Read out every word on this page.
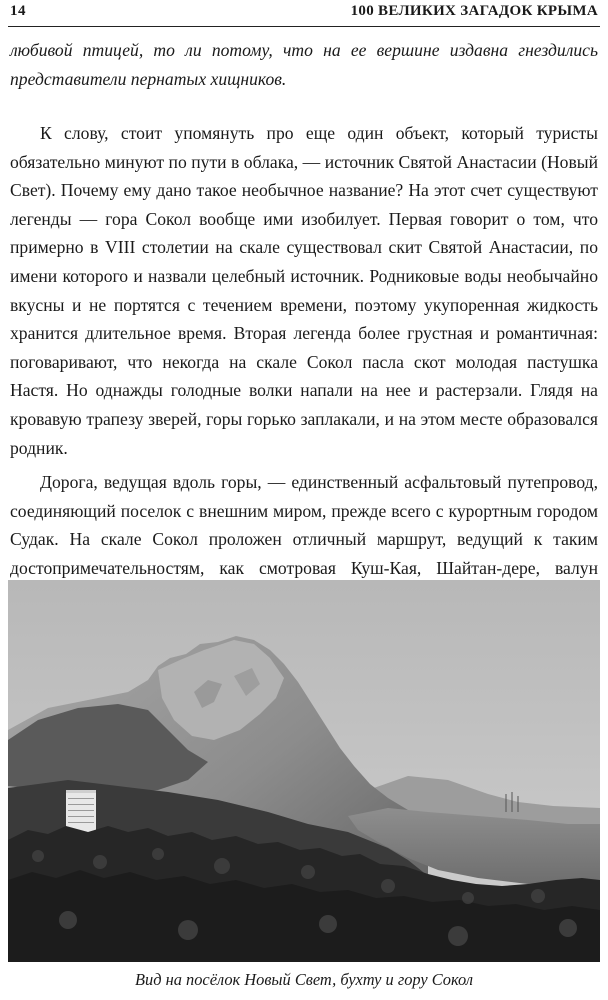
14	100 ВЕЛИКИХ ЗАГАДОК КРЫМА
любивой птицей, то ли потому, что на ее вершине издавна гнездились представители пернатых хищников.

К слову, стоит упомянуть про еще один объект, который туристы обязательно минуют по пути в облака, — источник Святой Анастасии (Новый Свет). Почему ему дано такое необычное название? На этот счет существуют легенды — гора Сокол вообще ими изобилует. Первая говорит о том, что примерно в VIII столетии на скале существовал скит Святой Анастасии, по имени которого и назвали целебный источник. Родниковые воды необычайно вкусны и не портятся с течением времени, поэтому укупоренная жидкость хранится длительное время. Вторая легенда более грустная и романтичная: поговаривают, что некогда на скале Сокол пасла скот молодая пастушка Настя. Но однажды голодные волки напали на нее и растерзали. Глядя на кровавую трапезу зверей, горы горько заплакали, и на этом месте образовался родник.

Дорога, ведущая вдоль горы, — единственный асфальтовый путепровод, соединяющий поселок с внешним миром, прежде всего с курортным городом Судак. На скале Сокол проложен отличный маршрут, ведущий к таким достопримечательностям, как смотровая Куш-Кая, Шайтан-дере, валун

Вид на посёлок Новый Свет, бухту и гору Сокол
